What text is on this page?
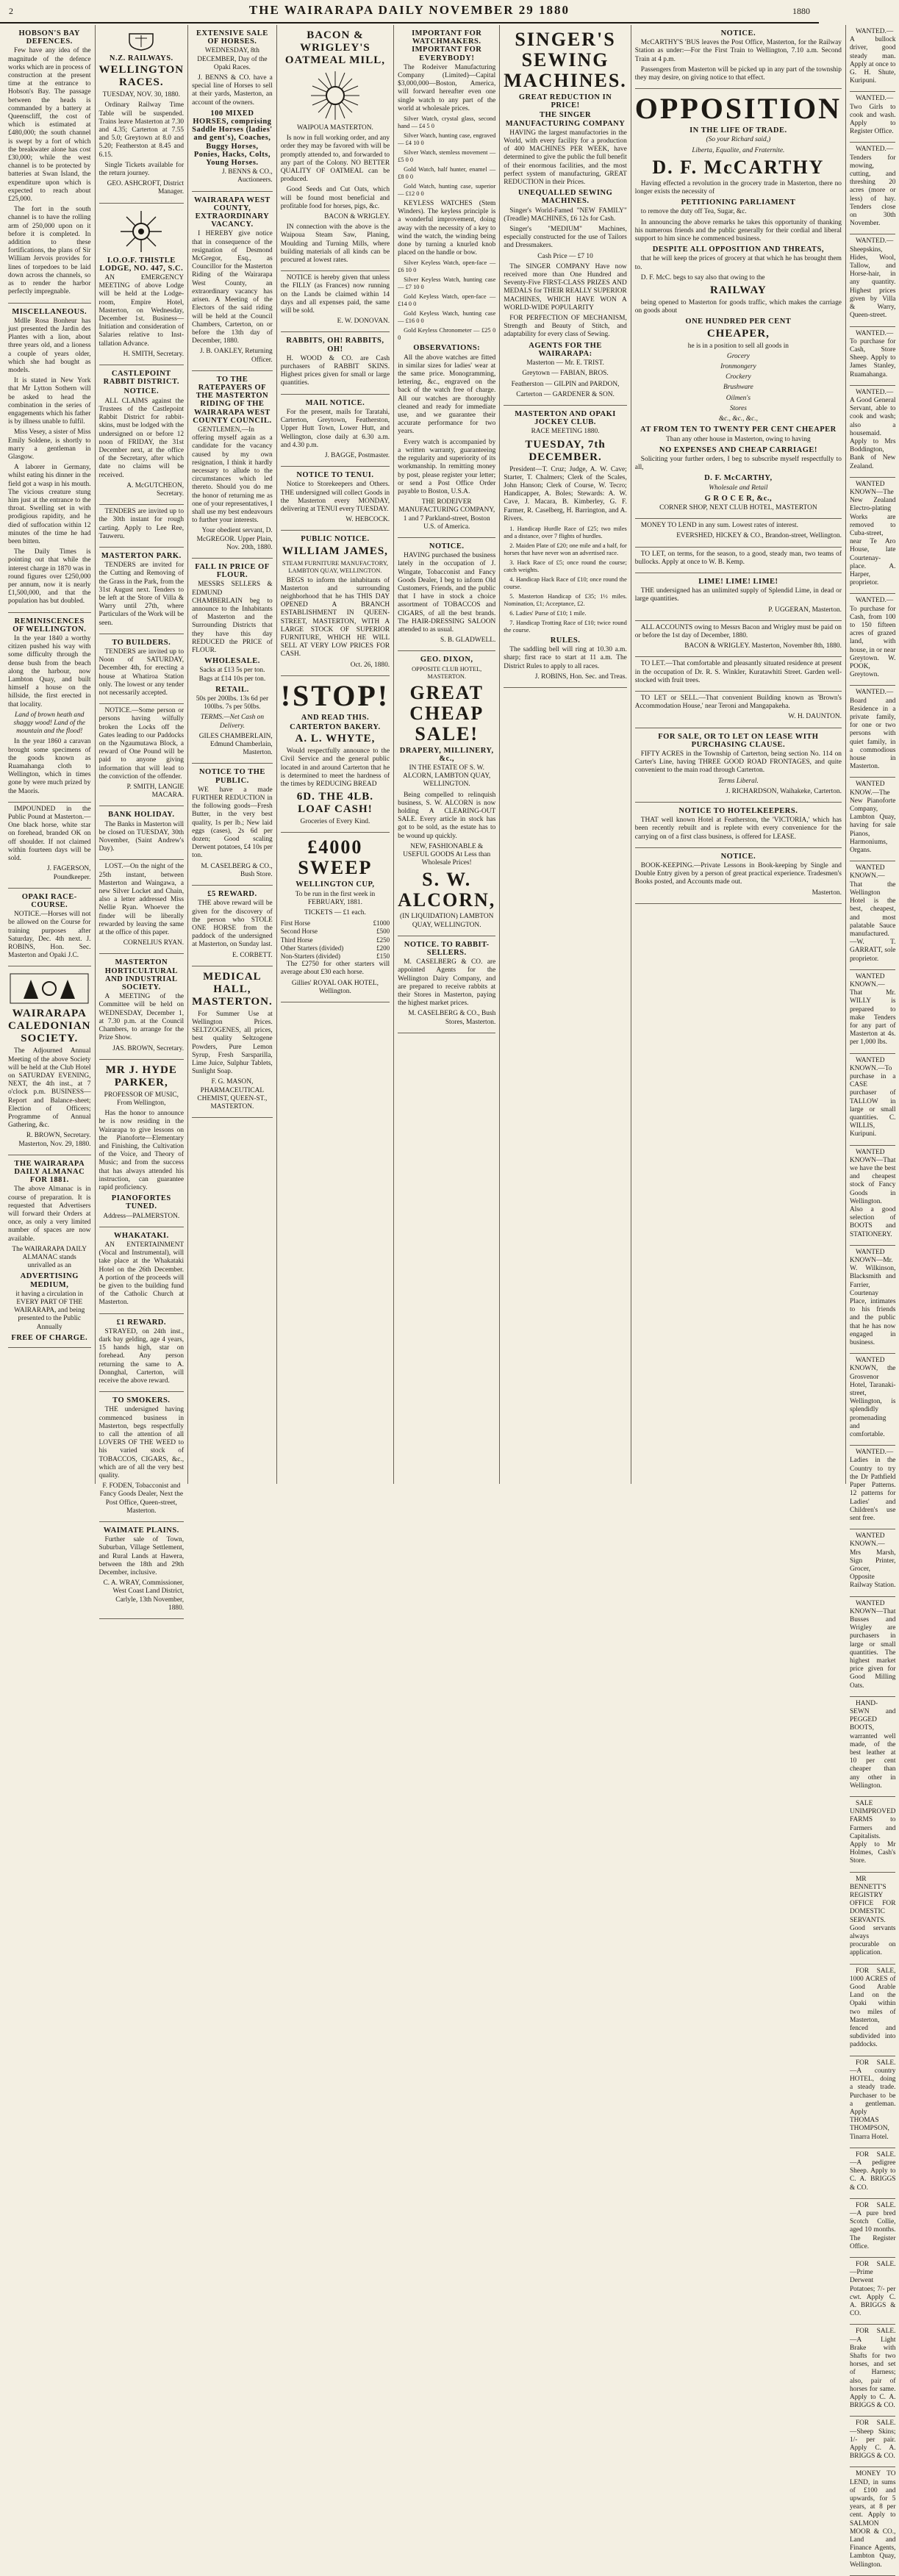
2	THE WAIRARAPA DAILY NOVEMBER 29 1880	1880
HOBSON'S BAY DEFENCES.

Few have any idea of the magnitude of the defence works which are in process of construction at the present time at the entrance to Hobson's Bay. The passage between the heads is commanded by a battery at Queenscliff, the cost of which is estimated at £480,000; the south channel is swept by a fort of which the breakwater alone has cost £30,000; while the west channel is to be protected by batteries at Swan Island, the expenditure upon which is expected to reach about £25,000.

The fort in the south channel is to have the rolling arm of 250,000 upon on it before it is completed. In addition to these fortifications, the plans of Sir William Jervois provides for lines of torpedoes to be laid down across the channels, so as to render the harbor perfectly impregnable.

MISCELLANEOUS.

Mdlle Rosa Bonheur has just presented the Jardin des Plantes with a lion, about three years old, and a lioness a couple of years older, which she had bought as models.

It is stated in New York that Mr Lytton Sothern will be asked to head the combination in the series of engagements which his father is by illness unable to fulfil.

Miss Vesey, a sister of Miss Emily Soldene, is shortly to marry a gentleman in Glasgow.

A laborer in Germany, whilst eating his dinner in the field got a wasp in his mouth. The vicious creature stung him just at the entrance to the throat. Swelling set in with prodigious rapidity, and he died of suffocation within 12 minutes of the time he had been bitten.

The Daily Times is pointing out that while the interest charge in 1870 was in round figures over £250,000 per annum, now it is nearly £1,500,000, and that the population has but doubled.

REMINISCENCES OF WELLINGTON.

In the year 1840 a worthy citizen pushed his way with some difficulty through the dense bush from the beach along the harbour, now Lambton Quay, and built himself a house on the hillside, the first erected in that locality.

Land of brown heath and shaggy wood! Land of the mountain and the flood!

In the year 1860 a caravan brought some specimens of the goods known as Ruamahanga cloth to Wellington, which in times gone by were much prized by the Maoris.

IMPOUNDED in the Public Pound at Masterton.—One black horse, white star on forehead, branded OK on off shoulder. If not claimed within fourteen days will be sold.

J. FAGERSON, Poundkeeper.

OPAKI RACE-COURSE.

NOTICE.—Horses will not be allowed on the Course for training purposes after Saturday, Dec. 4th next. J. ROBINS, Hon. Sec. Masterton and Opaki J.C.

WAIRARAPA CALEDONIAN SOCIETY.

The Adjourned Annual Meeting of the above Society will be held at the Club Hotel on SATURDAY EVENING, NEXT, the 4th inst., at 7 o'clock p.m. BUSINESS—Report and Balance-sheet; Election of Officers; Programme of Annual Gathering, &c.

R. BROWN, Secretary. Masterton, Nov. 29, 1880.

THE WAIRARAPA DAILY ALMANAC FOR 1881.

The above Almanac is in course of preparation. It is requested that Advertisers will forward their Orders at once, as only a very limited number of spaces are now available.

The WAIRARAPA DAILY ALMANAC stands unrivalled as an

ADVERTISING MEDIUM,

it having a circulation in EVERY PART OF THE WAIRARAPA, and being presented to the Public Annually

FREE OF CHARGE.
N.Z. RAILWAYS.
WELLINGTON RACES.

TUESDAY, NOV. 30, 1880.

Ordinary Railway Time Table will be suspended. Trains leave Masterton at 7.30 and 4.35; Carterton at 7.55 and 5.0; Greytown at 8.0 and 5.20; Featherston at 8.45 and 6.15.

Single Tickets available for the return journey.

GEO. ASHCROFT, District Manager.

I.O.O.F. THISTLE LODGE, NO. 447, S.C.

AN EMERGENCY MEETING of above Lodge will be held at the Lodge-room, Empire Hotel, Masterton, on Wednesday, December 1st. Business—Initiation and consideration of Salaries relative to Inst-tallation Advance.

H. SMITH, Secretary.

CASTLEPOINT RABBIT DISTRICT.
NOTICE.

ALL CLAIMS against the Trustees of the Castlepoint Rabbit District for rabbit-skins, must be lodged with the undersigned on or before 12 noon of FRIDAY, the 31st December next, at the office of the Secretary, after which date no claims will be received.

A. McGUTCHEON, Secretary.

TENDERS are invited up to the 30th instant for rough carting. Apply to Lee Ree, Tauweru.

MASTERTON PARK.

TENDERS are invited for the Cutting and Removing of the Grass in the Park, from the 31st August next. Tenders to be left at the Store of Villa & Warry until 27th, where Particulars of the Work will be seen.

TO BUILDERS.

TENDERS are invited up to Noon of SATURDAY, December 4th, for erecting a house at Whatiroa Station only. The lowest or any tender not necessarily accepted.

NOTICE.—Some person or persons having wilfully broken the Locks off the Gates leading to our Paddocks on the Ngaumutawa Block, a reward of One Pound will be paid to anyone giving information that will lead to the conviction of the offender.

P. SMITH, LANGIE MACARA.

BANK HOLIDAY.

The Banks in Masterton will be closed on TUESDAY, 30th November, (Saint Andrew's Day).

LOST.—On the night of the 25th instant, between Masterton and Waingawa, a new Silver Locket and Chain, also a letter addressed Miss Nellie Ryan. Whoever the finder will be liberally rewarded by leaving the same at the office of this paper.

CORNELIUS RYAN.

MASTERTON HORTICULTURAL AND INDUSTRIAL SOCIETY.

A MEETING of the Committee will be held on WEDNESDAY, December 1, at 7.30 p.m. at the Council Chambers, to arrange for the Prize Show.

JAS. BROWN, Secretary.

MR J. HYDE PARKER,

PROFESSOR OF MUSIC, From Wellington,

Has the honor to announce he is now residing in the Wairarapa to give lessons on the Pianoforte—Elementary and Finishing, the Cultivation of the Voice, and Theory of Music; and from the success that has always attended his instruction, can guarantee rapid proficiency.

PIANOFORTES TUNED.

Address—PALMERSTON.

WHAKATAKI.

AN ENTERTAINMENT (Vocal and Instrumental), will take place at the Whakataki Hotel on the 26th December. A portion of the proceeds will be given to the building fund of the Catholic Church at Masterton.

£1 REWARD.

STRAYED, on 24th inst., dark bay gelding, age 4 years, 15 hands high, star on forehead. Any person returning the same to A. Donnghal, Carterton, will receive the above reward.

TO SMOKERS.

THE undersigned having commenced business in Masterton, begs respectfully to call the attention of all LOVERS OF THE WEED to his varied stock of TOBACCOS, CIGARS, &c., which are of all the very best quality.

F. FODEN, Tobacconist and Fancy Goods Dealer, Next the Post Office, Queen-street, Masterton.

WAIMATE PLAINS.

Further sale of Town, Suburban, Village Settlement, and Rural Lands at Hawera, between the 18th and 29th December, inclusive.

C. A. WRAY, Commissioner, West Coast Land District, Carlyle, 13th November, 1880.

EXTENSIVE SALE OF HORSES.

WEDNESDAY, 8th DECEMBER, Day of the Opaki Races.

J. BENNS & CO. have a special line of Horses to sell at their yards, Masterton, an account of the owners.

100 MIXED HORSES, comprising Saddle Horses (ladies' and gent's), Coaches, Buggy Horses, Ponies, Hacks, Colts, Young Horses.

J. BENNS & CO., Auctioneers.

WAIRARAPA WEST COUNTY, EXTRAORDINARY VACANCY.

I HEREBY give notice that in consequence of the resignation of Desmond McGregor, Esq., as Councillor for the Masterton Riding of the Wairarapa West County, an extraordinary vacancy has arisen. A Meeting of the Electors of the said riding will be held at the Council Chambers, Carterton, on or before the 13th day of December, 1880.

J. B. OAKLEY, Returning Officer.

TO THE RATEPAYERS OF THE MASTERTON RIDING OF THE WAIRARAPA WEST COUNTY COUNCIL.

GENTLEMEN,—In offering myself again as a candidate for the vacancy caused by my own resignation, I think it hardly necessary to allude to the circumstances which led thereto. Should you do me the honor of returning me as one of your representatives, I shall use my best endeavours to further your interests.

Your obedient servant, D. McGREGOR. Upper Plain, Nov. 20th, 1880.

FALL IN PRICE OF FLOUR.

MESSRS SELLERS & EDMUND CHAMBERLAIN beg to announce to the Inhabitants of Masterton and the Surrounding Districts that they have this day REDUCED the PRICE of FLOUR.

WHOLESALE.

Sacks at £13 5s per ton. Bags at £14 10s per ton.

RETAIL.

50s per 200lbs. 13s 6d per 100lbs. 7s per 50lbs.

TERMS.—Net Cash on Delivery.

GILES CHAMBERLAIN, Edmund Chamberlain, Masterton.

NOTICE TO THE PUBLIC.

WE have a made FURTHER REDUCTION in the following goods—Fresh Butter, in the very best quality, 1s per lb.; New laid eggs (cases), 2s 6d per dozen; Good scaling Derwent potatoes, £4 10s per ton.

M. CASELBERG & CO., Bush Store.

£5 REWARD.

THE above reward will be given for the discovery of the person who STOLE ONE HORSE from the paddock of the undersigned at Masterton, on Sunday last.

E. CORBETT.

MEDICAL HALL, MASTERTON.

For Summer Use at Wellington Prices. SELTZOGENES, all prices, best quality Seltzogene Powders, Pure Lemon Syrup, Fresh Sarsparilla, Lime Juice, Sulphur Tablets, Sunlight Soap.

F. G. MASON, PHARMACEUTICAL CHEMIST, QUEEN-ST., MASTERTON.

BACON & WRIGLEY'S OATMEAL MILL,

WAIPOUA MASTERTON.

Is now in full working order, and any order they may be favored with will be promptly attended to, and forwarded to any part of the Colony. NO BETTER QUALITY OF OATMEAL can be produced.

Good Seeds and Cut Oats, which will be found most beneficial and profitable food for horses, pigs, &c.

BACON & WRIGLEY.

IN connection with the above is the Waipoua Steam Saw, Planing, Moulding and Turning Mills, where building materials of all kinds can be procured at lowest rates.

NOTICE is hereby given that unless the FILLY (as Frances) now running on the Lands be claimed within 14 days and all expenses paid, the same will be sold.

E. W. DONOVAN.

RABBITS, OH! RABBITS, OH!

H. WOOD & CO. are Cash purchasers of RABBIT SKINS. Highest prices given for small or large quantities.

MAIL NOTICE.

For the present, mails for Taratahi, Carterton, Greytown, Featherston, Upper Hutt Town, Lower Hutt, and Wellington, close daily at 6.30 a.m. and 4.30 p.m.

J. BAGGE, Postmaster.

NOTICE TO TENUI.

Notice to Storekeepers and Others. THE undersigned will collect Goods in the Masterton every MONDAY, delivering at TENUI every TUESDAY.

W. HEBCOCK.

PUBLIC NOTICE.
WILLIAM JAMES,

STEAM FURNITURE MANUFACTORY, LAMBTON QUAY, WELLINGTON.

BEGS to inform the inhabitants of Masterton and surrounding neighborhood that he has THIS DAY OPENED A BRANCH ESTABLISHMENT IN QUEEN-STREET, MASTERTON, WITH A LARGE STOCK OF SUPERIOR FURNITURE, WHICH HE WILL SELL AT VERY LOW PRICES FOR CASH.

Oct. 26, 1880.

!STOP!
AND READ THIS.
CARTERTON BAKERY.
A. L. WHYTE,

Would respectfully announce to the Civil Service and the general public located in and around Carterton that he is determined to meet the hardness of the times by REDUCING BREAD

6D. THE 4LB. LOAF CASH!

Groceries of Every Kind.

£4000 SWEEP
WELLINGTON CUP,

To be run in the first week in FEBRUARY, 1881.

TICKETS — £1 each.

First Horse	£1000
Second Horse	£500
Third Horse	£250
Other Starters (divided)	£200
Non-Starters (divided)	£150

The £2750 for other starters will average about £30 each horse.

Gillies' ROYAL OAK HOTEL, Wellington.

IMPORTANT FOR WATCHMAKERS. IMPORTANT FOR EVERYBODY!

The Rodeiver Manufacturing Company (Limited)—Capital $3,000,000—Boston, America, will forward hereafter even one single watch to any part of the world at wholesale prices.

Silver Watch, crystal glass, second hand — £4 5 0

Silver Watch, hunting case, engraved — £4 10 0

Silver Watch, stemless movement — £5 0 0

Gold Watch, half hunter, enamel — £8 0 0

Gold Watch, hunting case, superior — £12 0 0

KEYLESS WATCHES (Stem Winders). The keyless principle is a wonderful improvement, doing away with the necessity of a key to wind the watch, the winding being done by turning a knurled knob placed on the handle or bow.

Silver Keyless Watch, open-face — £6 10 0

Silver Keyless Watch, hunting case — £7 10 0

Gold Keyless Watch, open-face — £14 0 0

Gold Keyless Watch, hunting case — £16 0 0

Gold Keyless Chronometer — £25 0 0

OBSERVATIONS:

All the above watches are fitted in similar sizes for ladies' wear at the same price. Monogramming, lettering, &c., engraved on the back of the watch free of charge. All our watches are thoroughly cleaned and ready for immediate use, and we guarantee their accurate performance for two years.

Every watch is accompanied by a written warranty, guaranteeing the regularity and superiority of its workmanship. In remitting money by post, please register your letter; or send a Post Office Order payable to Boston, U.S.A.

THE RODEIVER MANUFACTURING COMPANY, 1 and 7 Parkland-street, Boston U.S. of America.

NOTICE.

HAVING purchased the business lately in the occupation of J. Wingate, Tobacconist and Fancy Goods Dealer, I beg to inform Old Customers, Friends, and the public that I have in stock a choice assortment of TOBACCOS and CIGARS, of all the best brands. The HAIR-DRESSING SALOON attended to as usual.

S. B. GLADWELL.

GEO. DIXON,

OPPOSITE CLUB HOTEL, MASTERTON.

GREAT CHEAP SALE!
DRAPERY, MILLINERY, &c.,

IN THE ESTATE OF S. W. ALCORN, LAMBTON QUAY, WELLINGTON.

Being compelled to relinquish business, S. W. ALCORN is now holding A CLEARING-OUT SALE. Every article in stock has got to be sold, as the estate has to be wound up quickly.

NEW, FASHIONABLE & USEFUL GOODS At Less than Wholesale Prices!

S. W. ALCORN,

(IN LIQUIDATION) LAMBTON QUAY, WELLINGTON.

NOTICE. TO RABBIT-SELLERS.

M. CASELBERG & CO. are appointed Agents for the Wellington Dairy Company, and are prepared to receive rabbits at their Stores in Masterton, paying the highest market prices.

M. CASELBERG & CO., Bush Stores, Masterton.

SINGER'S SEWING MACHINES.
GREAT REDUCTION IN PRICE!
THE SINGER MANUFACTURING COMPANY

HAVING the largest manufactories in the World, with every facility for a production of 400 MACHINES PER WEEK, have determined to give the public the full benefit of their enormous facilities, and the most perfect system of manufacturing, GREAT REDUCTION in their Prices.

UNEQUALLED SEWING MACHINES.

Singer's World-Famed "NEW FAMILY" (Treadle) MACHINES, £6 12s for Cash.

Singer's "MEDIUM" Machines, especially constructed for the use of Tailors and Dressmakers.

Cash Price — £7 10

The SINGER COMPANY Have now received more than One Hundred and Seventy-Five FIRST-CLASS PRIZES AND MEDALS for THEIR REALLY SUPERIOR MACHINES, WHICH HAVE WON A WORLD-WIDE POPULARITY

FOR PERFECTION OF MECHANISM, Strength and Beauty of Stitch, and adaptability for every class of Sewing.

AGENTS FOR THE WAIRARAPA:

Masterton — Mr. E. TRIST.

Greytown — FABIAN, BROS.

Featherston — GILPIN and PARDON,

Carterton — GARDENER & SON.

MASTERTON AND OPAKI JOCKEY CLUB.

RACE MEETING 1880.

TUESDAY, 7th DECEMBER.

President—T. Cruz; Judge, A. W. Cave; Starter, T. Chalmers; Clerk of the Scales, John Hanson; Clerk of Course, W. Tecro; Handicapper, A. Boles; Stewards: A. W. Cave, J. Macara, B. Kimberley, G. F. Farmer, R. Caselberg, H. Barrington, and A. Rivers.

1. Handicap Hurdle Race of £25; two miles and a distance, over 7 flights of hurdles.

2. Maiden Plate of £20; one mile and a half, for horses that have never won an advertised race.

3. Hack Race of £5; once round the course; catch weights.

4. Handicap Hack Race of £10; once round the course.

5. Masterton Handicap of £35; 1½ miles. Nomination, £1; Acceptance, £2.

6. Ladies' Purse of £10; 1 mile.

7. Handicap Trotting Race of £10; twice round the course.

RULES.

The saddling bell will ring at 10.30 a.m. sharp; first race to start at 11 a.m. The District Rules to apply to all races.

J. ROBINS, Hon. Sec. and Treas.

NOTICE.

McCARTHY'S 'BUS leaves the Post Office, Masterton, for the Railway Station as under:—For the First Train to Wellington, 7.10 a.m. Second Train at 4 p.m.

Passengers from Masterton will be picked up in any part of the township they may desire, on giving notice to that effect.

OPPOSITION
IN THE LIFE OF TRADE.

(So your Richard said,)

Liberta, Equalite, and Fraternite.

D. F. McCARTHY

Having effected a revolution in the grocery trade in Masterton, there no longer exists the necessity of

PETITIONING PARLIAMENT

to remove the duty off Tea, Sugar, &c.

In announcing the above remarks he takes this opportunity of thanking his numerous friends and the public generally for their cordial and liberal support to him since he commenced business.

DESPITE ALL OPPOSITION AND THREATS,

that he will keep the prices of grocery at that which he has brought them to.

D. F. McC. begs to say also that owing to the

RAILWAY

being opened to Masterton for goods traffic, which makes the carriage on goods about

ONE HUNDRED PER CENT
CHEAPER,

he is in a position to sell all goods in

Grocery

Ironmongery

Crockery

Brushware

Oilmen's

Stores

&c., &c., &c.,

AT FROM TEN TO TWENTY PER CENT CHEAPER

Than any other house in Masterton, owing to having

NO EXPENSES AND CHEAP CARRIAGE!

Soliciting your further orders, I beg to subscribe myself respectfully to all,

D. F. McCARTHY,

Wholesale and Retail

G R O C E R, &c.,

CORNER SHOP, NEXT CLUB HOTEL, MASTERTON

MONEY TO LEND in any sum. Lowest rates of interest.

EVERSHED, HICKEY & CO., Brandon-street, Wellington.

TO LET, on terms, for the season, to a good, steady man, two teams of bullocks. Apply at once to W. B. Kemp.

LIME! LIME! LIME!

THE undersigned has an unlimited supply of Splendid Lime, in dead or large quantities.

P. UGGERAN, Masterton.

ALL ACCOUNTS owing to Messrs Bacon and Wrigley must be paid on or before the 1st day of December, 1880.

BACON & WRIGLEY. Masterton, November 8th, 1880.

TO LET.—That comfortable and pleasantly situated residence at present in the occupation of Dr. R. S. Winkler, Kuratawhiti Street. Garden well-stocked with fruit trees.

TO LET or SELL.—That convenient Building known as 'Brown's Accommodation House,' near Teroni and Mangapakeha.

W. H. DAUNTON.

FOR SALE, OR TO LET ON LEASE WITH PURCHASING CLAUSE.

FIFTY ACRES in the Township of Carterton, being section No. 114 on Carter's Line, having THREE GOOD ROAD FRONTAGES, and quite convenient to the main road through Carterton.

Terms Liberal.

J. RICHARDSON, Waihakeke, Carterton.

NOTICE TO HOTELKEEPERS.

THAT well known Hotel at Featherston, the 'VICTORIA,' which has been recently rebuilt and is replete with every convenience for the carrying on of a first class business, is offered for LEASE.

NOTICE.

BOOK-KEEPING.—Private Lessons in Book-keeping by Single and Double Entry given by a person of great practical experience. Tradesmen's Books posted, and Accounts made out.

Masterton.

WANTED.—A bullock driver, good steady man. Apply at once to G. H. Shute, Kuripuni.

WANTED.—Two Girls to cook and wash. Apply to Register Office.

WANTED.—Tenders for mowing, cutting, and threshing 20 acres (more or less) of hay. Tenders close on 30th November.

WANTED.—Sheepskins, Hides, Wool, Tallow, and Horse-hair, in any quantity. Highest prices given by Villa & Warry, Queen-street.

WANTED.—To purchase for Cash, Store Sheep. Apply to James Stanley, Ruamahanga.

WANTED.—A Good General Servant, able to cook and wash; also a housemaid. Apply to Mrs Boddington, Bank of New Zealand.

WANTED KNOWN—The New Zealand Electro-plating Works are removed to Cuba-street, near Te Aro House, late Courtenay-place. A. Harper, proprietor.

WANTED.—To purchase for Cash, from 100 to 150 fifteen acres of grazed land, with house, in or near Greytown. W. POOK, Greytown.

WANTED.—Board and Residence in a private family, for one or two persons with quiet family, in a commodious house in Masterton.

WANTED KNOW.—The New Pianoforte Company, Lambton Quay, having for sale Pianos, Harmoniums, Organs.

WANTED KNOWN.—That the Wellington Hotel is the best, cheapest, and most palatable Sauce manufactured.—W. T. GARRATT, sole proprietor.

WANTED KNOWN.—That Mr. WILLY is prepared to make Tenders for any part of Masterton at 4s. per 1,000 lbs.

WANTED KNOWN.—To purchase in a CASE purchaser of TALLOW in large or small quantities. C. WILLIS, Kuripuni.

WANTED KNOWN—That we have the best and cheapest stock of Fancy Goods in Wellington. Also a good selection of BOOTS and STATIONERY.

WANTED KNOWN—Mr. W. Wilkinson, Blacksmith and Farrier, Courtenay Place, intimates to his friends and the public that he has now engaged in business.

WANTED KNOWN, the Grosvenor Hotel, Taranaki-street, Wellington, is splendidly promenading and comfortable.

WANTED.—Ladies in the Country to try the Dr Pathfield Paper Patterns. 12 patterns for Ladies' and Children's use sent free.

WANTED KNOWN.—Mrs Marsh, Sign Printer, Grocer, Opposite Railway Station.

WANTED KNOWN—That Busses and Wrigley are purchasers in large or small quantities. The highest market price given for Good Milling Oats.

HAND-SEWN and PEGGED BOOTS, warranted well made, of the best leather at 10 per cent cheaper than any other in Wellington.

SALE UNIMPROVED FARMS to Farmers and Capitalists. Apply to Mr Holmes, Cash's Store.

MR BENNETT'S REGISTRY OFFICE FOR DOMESTIC SERVANTS. Good servants always procurable on application.

FOR SALE, 1000 ACRES of Good Arable Land on the Opaki within two miles of Masterton, fenced and subdivided into paddocks.

FOR SALE.—A country HOTEL, doing a steady trade. Purchaser to be a gentleman. Apply THOMAS THOMPSON, Tinarra Hotel.

FOR SALE.—A pedigree Sheep. Apply to C. A. BRIGGS & CO.

FOR SALE.—A pure bred Scotch Collie, aged 10 months. The Register Office.

FOR SALE.—Prime Derwent Potatoes; 7/- per cwt. Apply C. A. BRIGGS & CO.

FOR SALE.—A Light Brake with Shafts for two horses, and set of Harness; also, pair of horses for same. Apply to C. A. BRIGGS & CO.

FOR SALE.—Sheep Skins; 1/- per pair. Apply C. A. BRIGGS & CO.

MONEY TO LEND, in sums of £100 and upwards, for 5 years, at 8 per cent. Apply to SALMON MOOR & CO., Land and Finance Agents, Lambton Quay, Wellington.
